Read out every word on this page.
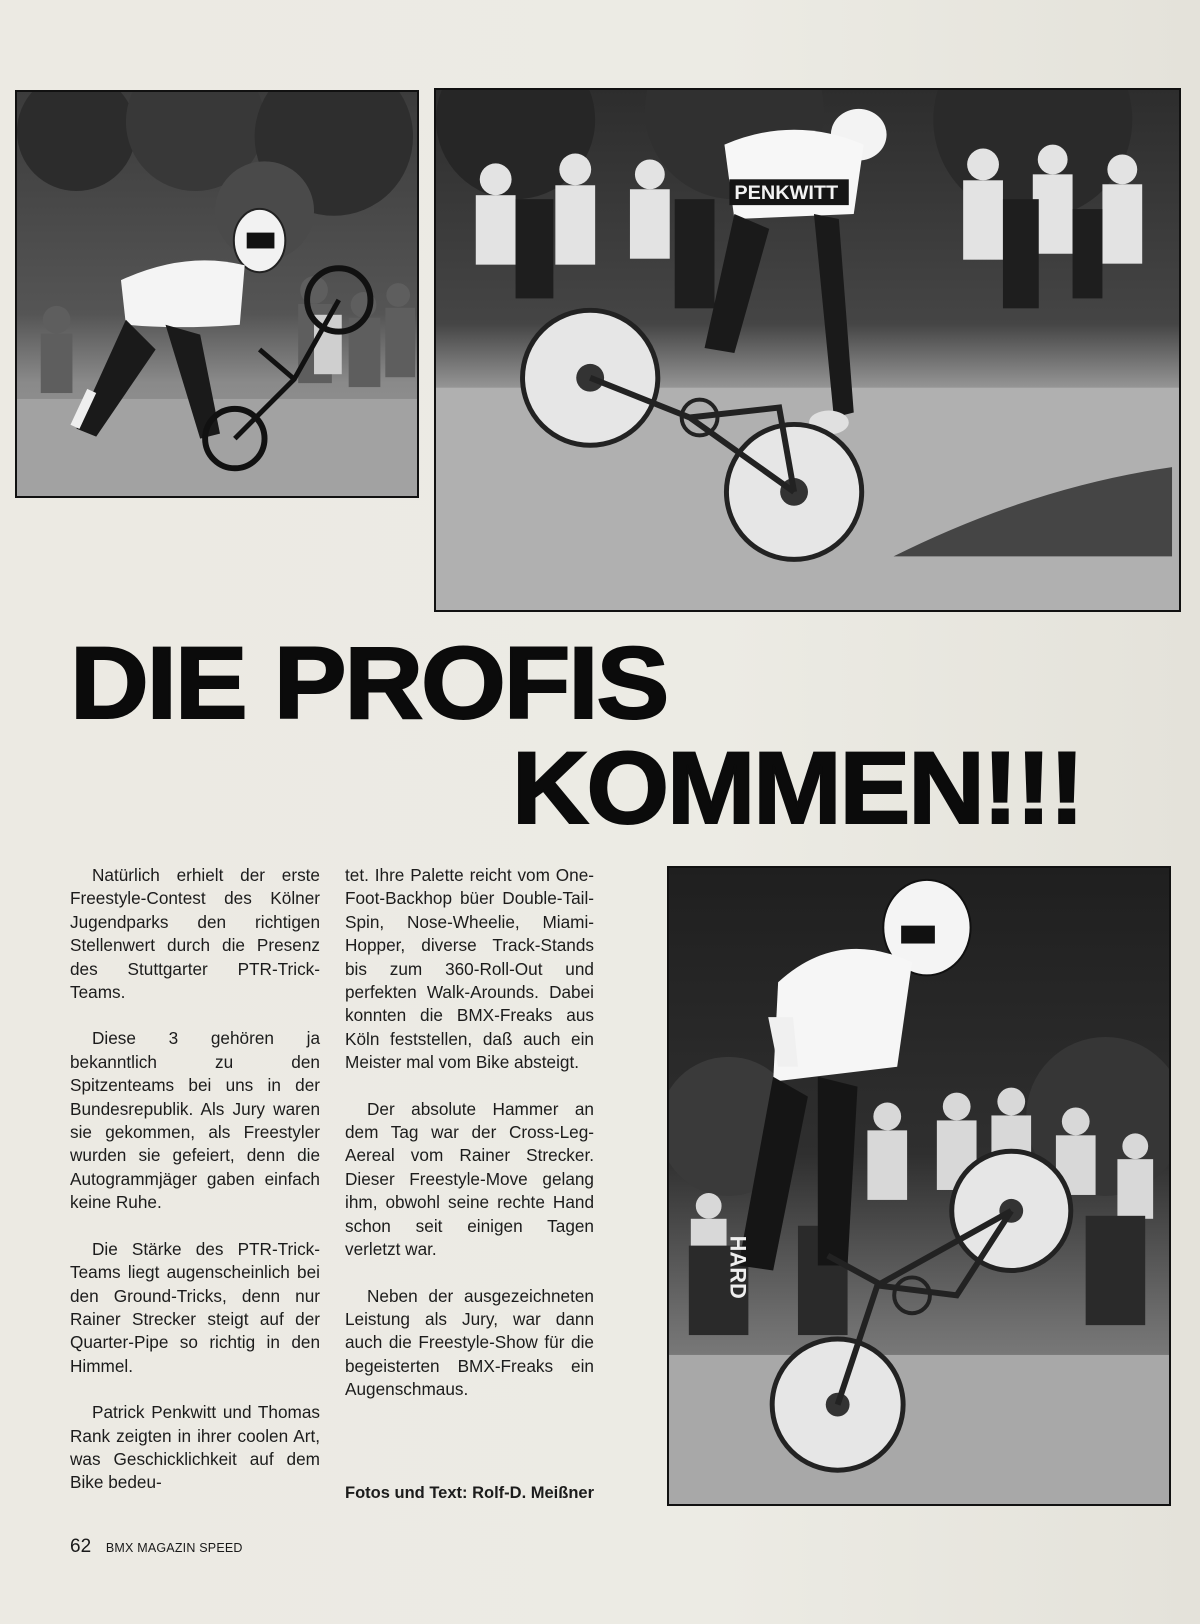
PENKWITT
DIE PROFIS
KOMMEN!!!

Natürlich erhielt der erste Freestyle-Contest des Kölner Jugendparks den richtigen Stellenwert durch die Presenz des Stuttgarter PTR-Trick-Teams.

Diese 3 gehören ja bekanntlich zu den Spitzenteams bei uns in der Bundesrepublik. Als Jury waren sie gekommen, als Freestyler wurden sie gefeiert, denn die Autogrammjäger gaben einfach keine Ruhe.

Die Stärke des PTR-Trick-Teams liegt augenscheinlich bei den Ground-Tricks, denn nur Rainer Strecker steigt auf der Quarter-Pipe so richtig in den Himmel.

Patrick Penkwitt und Thomas Rank zeigten in ihrer coolen Art, was Geschicklichkeit auf dem Bike bedeu-

tet. Ihre Palette reicht vom One-Foot-Backhop büer Double-Tail-Spin, Nose-Wheelie, Miami-Hopper, diverse Track-Stands bis zum 360-Roll-Out und perfekten Walk-Arounds. Dabei konnten die BMX-Freaks aus Köln feststellen, daß auch ein Meister mal vom Bike absteigt.

Der absolute Hammer an dem Tag war der Cross-Leg-Aereal vom Rainer Strecker. Dieser Freestyle-Move gelang ihm, obwohl seine rechte Hand schon seit einigen Tagen verletzt war.

Neben der ausgezeichneten Leistung als Jury, war dann auch die Freestyle-Show für die begeisterten BMX-Freaks ein Augenschmaus.

Fotos und Text: Rolf-D. Meißner
HARD
62 BMX MAGAZIN SPEED
